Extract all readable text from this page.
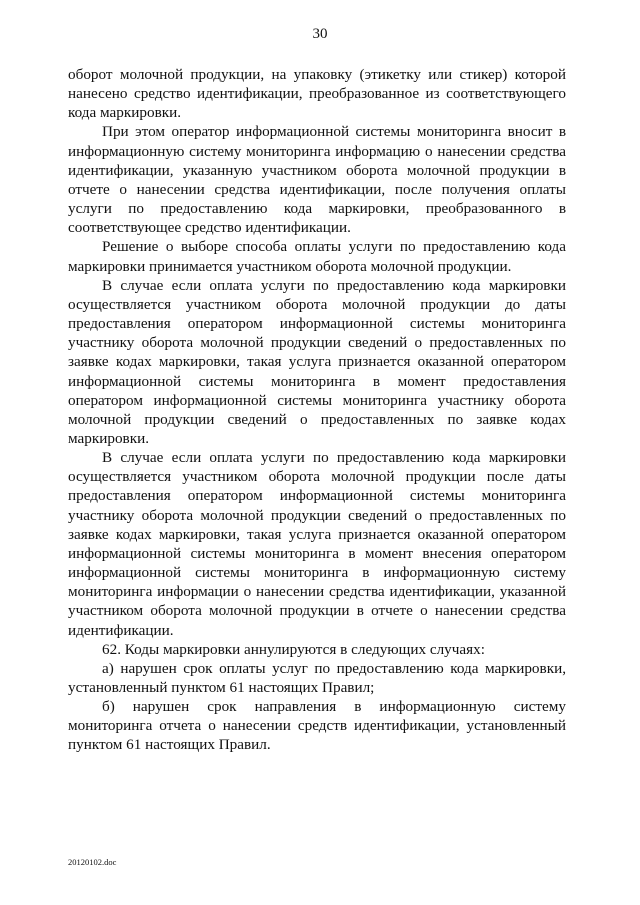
30

оборот молочной продукции, на упаковку (этикетку или стикер) которой нанесено средство идентификации, преобразованное из соответствующего кода маркировки.

При этом оператор информационной системы мониторинга вносит в информационную систему мониторинга информацию о нанесении средства идентификации, указанную участником оборота молочной продукции в отчете о нанесении средства идентификации, после получения оплаты услуги по предоставлению кода маркировки, преобразованного в соответствующее средство идентификации.

Решение о выборе способа оплаты услуги по предоставлению кода маркировки принимается участником оборота молочной продукции.

В случае если оплата услуги по предоставлению кода маркировки осуществляется участником оборота молочной продукции до даты предоставления оператором информационной системы мониторинга участнику оборота молочной продукции сведений о предоставленных по заявке кодах маркировки, такая услуга признается оказанной оператором информационной системы мониторинга в момент предоставления оператором информационной системы мониторинга участнику оборота молочной продукции сведений о предоставленных по заявке кодах маркировки.

В случае если оплата услуги по предоставлению кода маркировки осуществляется участником оборота молочной продукции после даты предоставления оператором информационной системы мониторинга участнику оборота молочной продукции сведений о предоставленных по заявке кодах маркировки, такая услуга признается оказанной оператором информационной системы мониторинга в момент внесения оператором информационной системы мониторинга в информационную систему мониторинга информации о нанесении средства идентификации, указанной участником оборота молочной продукции в отчете о нанесении средства идентификации.

62. Коды маркировки аннулируются в следующих случаях:

а) нарушен срок оплаты услуг по предоставлению кода маркировки, установленный пунктом 61 настоящих Правил;

б) нарушен срок направления в информационную систему мониторинга отчета о нанесении средств идентификации, установленный пунктом 61 настоящих Правил.

20120102.doc
